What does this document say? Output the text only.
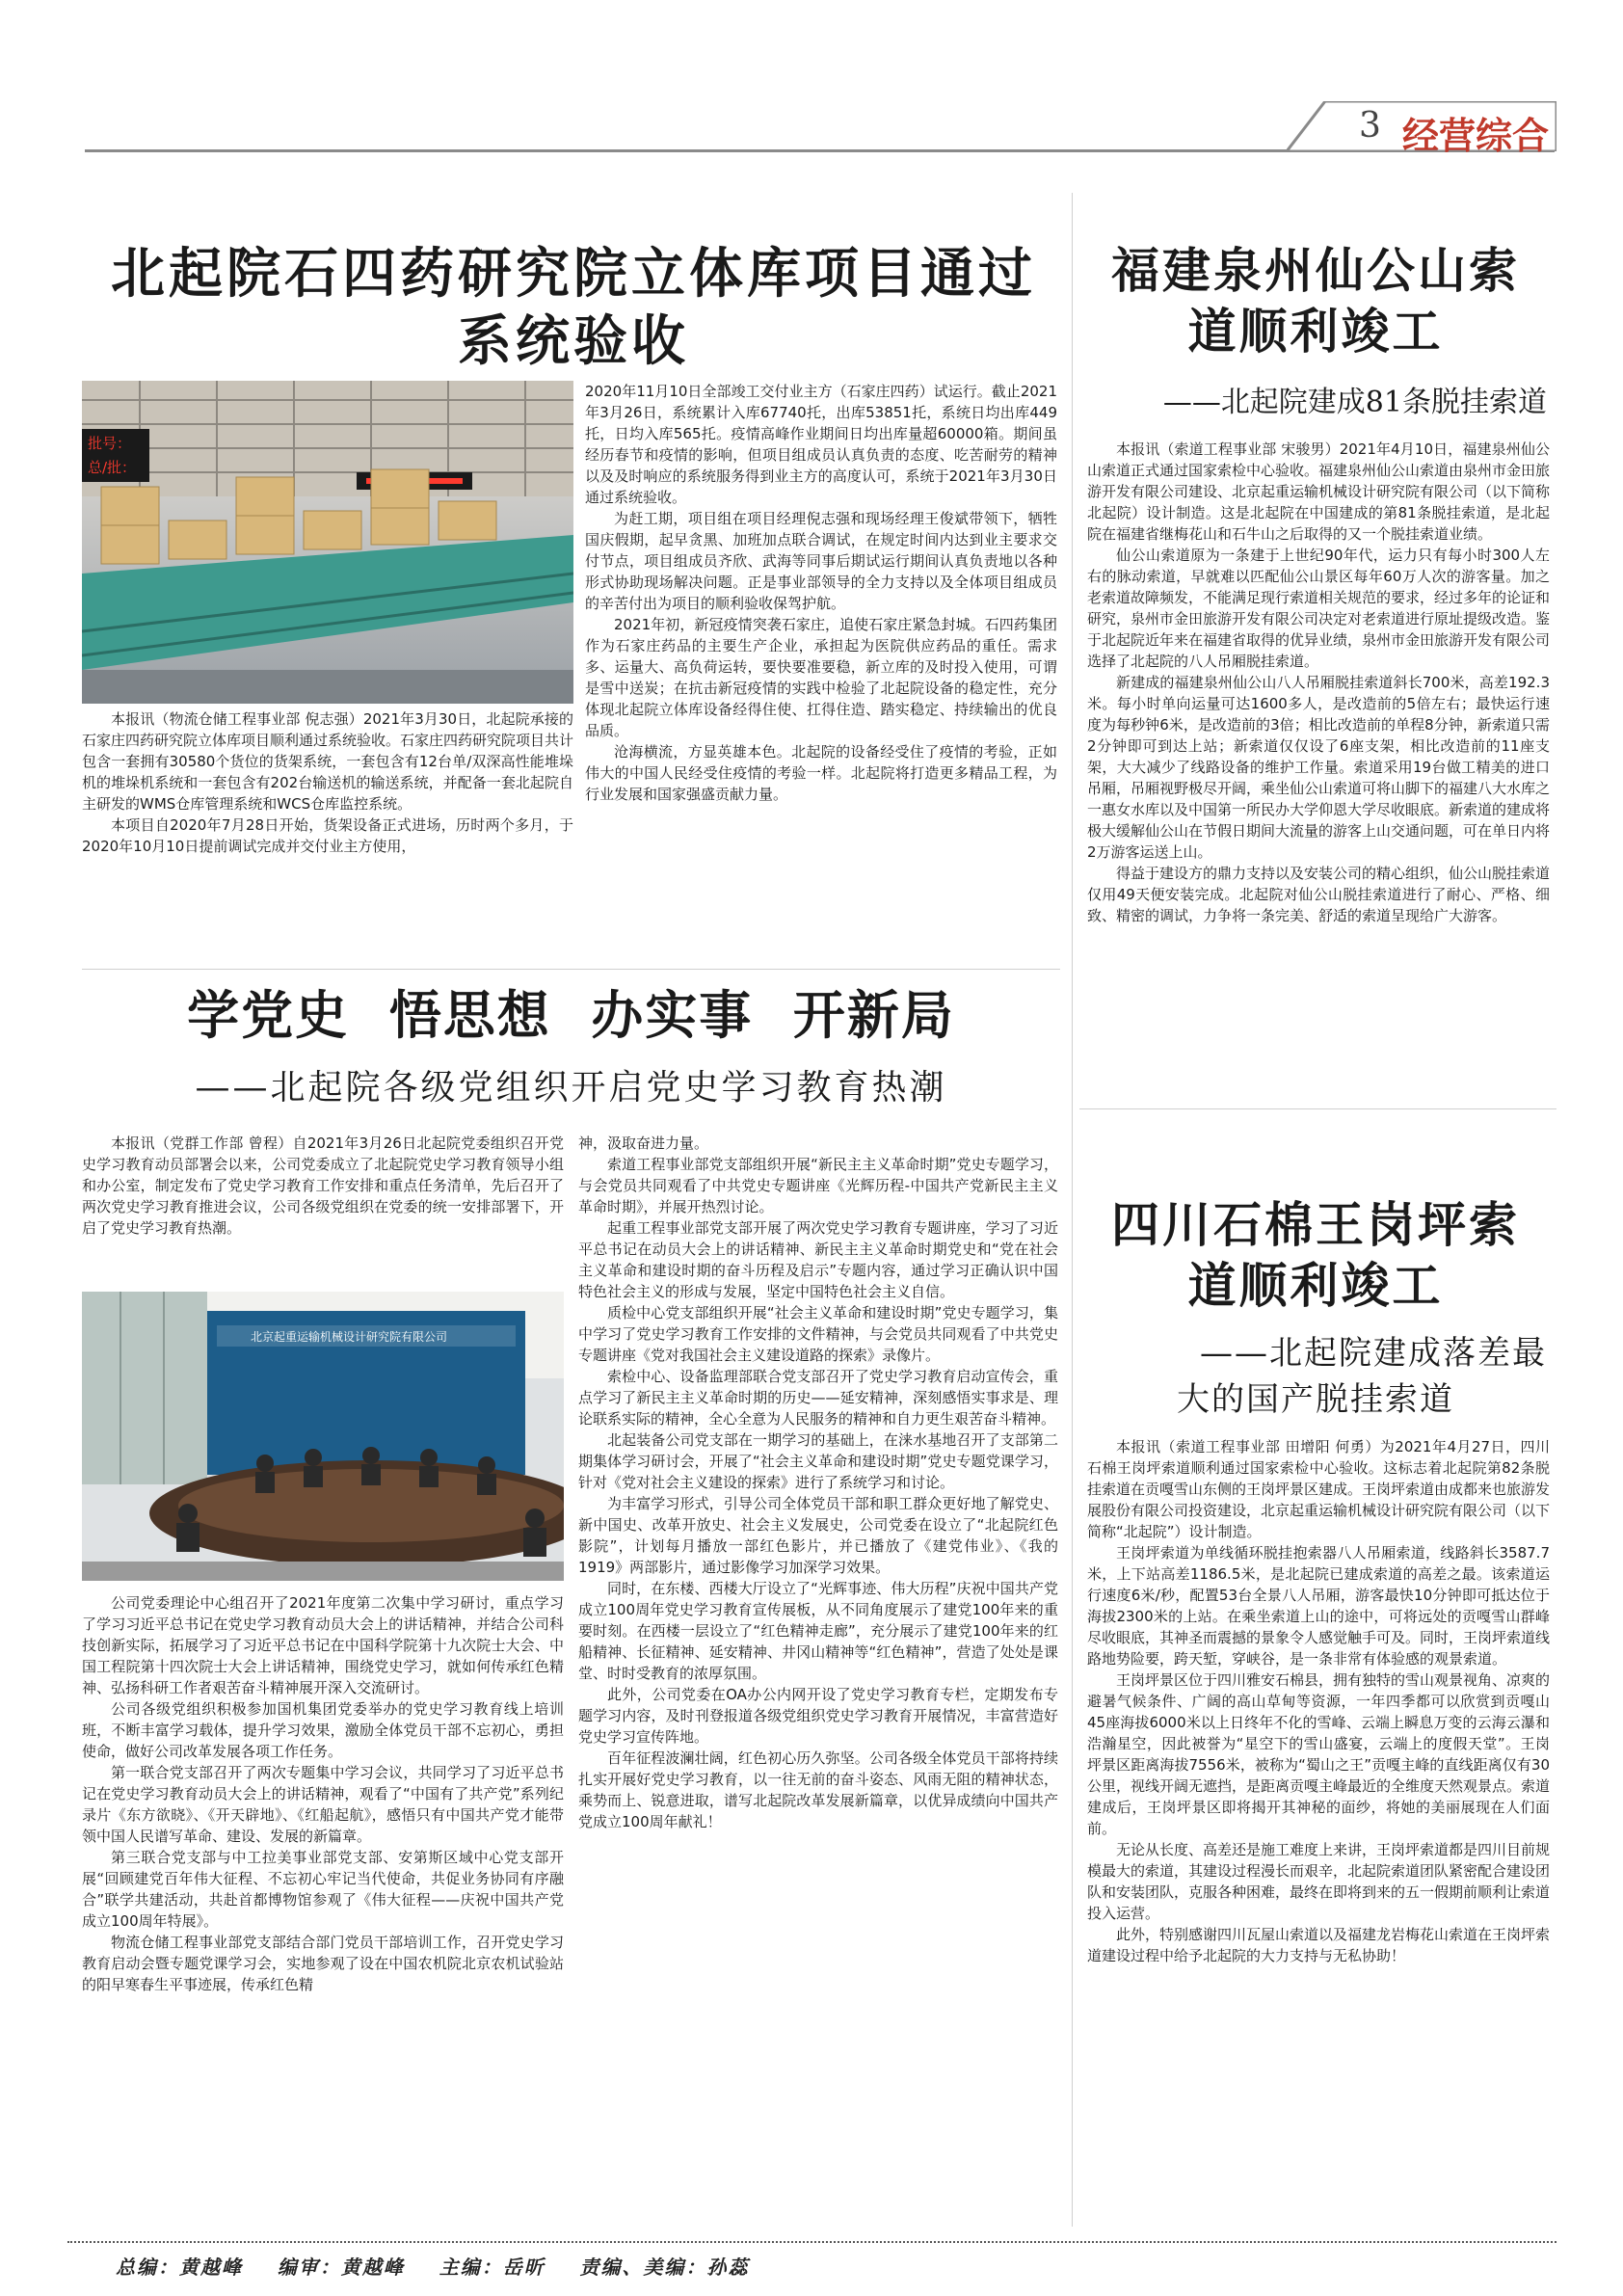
3 经营综合
北起院石四药研究院立体库项目通过
系统验收
批号：
总/批：

本报讯（物流仓储工程事业部 倪志强）2021年3月30日，北起院承接的石家庄四药研究院立体库项目顺利通过系统验收。石家庄四药研究院项目共计包含一套拥有30580个货位的货架系统，一套包含有12台单/双深高性能堆垛机的堆垛机系统和一套包含有202台输送机的输送系统，并配备一套北起院自主研发的WMS仓库管理系统和WCS仓库监控系统。

本项目自2020年7月28日开始，货架设备正式进场，历时两个多月，于2020年10月10日提前调试完成并交付业主方使用，

2020年11月10日全部竣工交付业主方（石家庄四药）试运行。截止2021年3月26日，系统累计入库67740托，出库53851托，系统日均出库449托，日均入库565托。疫情高峰作业期间日均出库量超60000箱。期间虽经历春节和疫情的影响，但项目组成员认真负责的态度、吃苦耐劳的精神以及及时响应的系统服务得到业主方的高度认可，系统于2021年3月30日通过系统验收。

为赶工期，项目组在项目经理倪志强和现场经理王俊斌带领下，牺牲国庆假期，起早贪黑、加班加点联合调试，在规定时间内达到业主要求交付节点，项目组成员齐欣、武海等同事后期试运行期间认真负责地以各种形式协助现场解决问题。正是事业部领导的全力支持以及全体项目组成员的辛苦付出为项目的顺利验收保驾护航。

2021年初，新冠疫情突袭石家庄，追使石家庄紧急封城。石四药集团作为石家庄药品的主要生产企业，承担起为医院供应药品的重任。需求多、运量大、高负荷运转，要快要准要稳，新立库的及时投入使用，可谓是雪中送炭；在抗击新冠疫情的实践中检验了北起院设备的稳定性，充分体现北起院立体库设备经得住使、扛得住造、踏实稳定、持续输出的优良品质。

沧海横流，方显英雄本色。北起院的设备经受住了疫情的考验，正如伟大的中国人民经受住疫情的考验一样。北起院将打造更多精品工程，为行业发展和国家强盛贡献力量。

福建泉州仙公山索
道顺利竣工
——北起院建成81条脱挂索道

本报讯（索道工程事业部 宋骏男）2021年4月10日，福建泉州仙公山索道正式通过国家索检中心验收。福建泉州仙公山索道由泉州市金田旅游开发有限公司建设、北京起重运输机械设计研究院有限公司（以下简称北起院）设计制造。这是北起院在中国建成的第81条脱挂索道，是北起院在福建省继梅花山和石牛山之后取得的又一个脱挂索道业绩。

仙公山索道原为一条建于上世纪90年代，运力只有每小时300人左右的脉动索道，早就难以匹配仙公山景区每年60万人次的游客量。加之老索道故障频发，不能满足现行索道相关规范的要求，经过多年的论证和研究，泉州市金田旅游开发有限公司决定对老索道进行原址提级改造。鉴于北起院近年来在福建省取得的优异业绩，泉州市金田旅游开发有限公司选择了北起院的八人吊厢脱挂索道。

新建成的福建泉州仙公山八人吊厢脱挂索道斜长700米，高差192.3米。每小时单向运量可达1600多人，是改造前的5倍左右；最快运行速度为每秒钟6米，是改造前的3倍；相比改造前的单程8分钟，新索道只需2分钟即可到达上站；新索道仅仅设了6座支架，相比改造前的11座支架，大大减少了线路设备的维护工作量。索道采用19台做工精美的进口吊厢，吊厢视野极尽开阔，乘坐仙公山索道可将山脚下的福建八大水库之一惠女水库以及中国第一所民办大学仰恩大学尽收眼底。新索道的建成将极大缓解仙公山在节假日期间大流量的游客上山交通问题，可在单日内将2万游客运送上山。

得益于建设方的鼎力支持以及安装公司的精心组织，仙公山脱挂索道仅用49天便安装完成。北起院对仙公山脱挂索道进行了耐心、严格、细致、精密的调试，力争将一条完美、舒适的索道呈现给广大游客。

学党史  悟思想  办实事  开新局
——北起院各级党组织开启党史学习教育热潮

本报讯（党群工作部 曾程）自2021年3月26日北起院党委组织召开党史学习教育动员部署会以来，公司党委成立了北起院党史学习教育领导小组和办公室，制定发布了党史学习教育工作安排和重点任务清单，先后召开了两次党史学习教育推进会议，公司各级党组织在党委的统一安排部署下，开启了党史学习教育热潮。

北京起重运输机械设计研究院有限公司

公司党委理论中心组召开了2021年度第二次集中学习研讨，重点学习了学习习近平总书记在党史学习教育动员大会上的讲话精神，并结合公司科技创新实际，拓展学习了习近平总书记在中国科学院第十九次院士大会、中国工程院第十四次院士大会上讲话精神，围绕党史学习，就如何传承红色精神、弘扬科研工作者艰苦奋斗精神展开深入交流研讨。

公司各级党组织积极参加国机集团党委举办的党史学习教育线上培训班，不断丰富学习载体，提升学习效果，激励全体党员干部不忘初心，勇担使命，做好公司改革发展各项工作任务。

第一联合党支部召开了两次专题集中学习会议，共同学习了习近平总书记在党史学习教育动员大会上的讲话精神，观看了“中国有了共产党”系列纪录片《东方欲晓》、《开天辟地》、《红船起航》，感悟只有中国共产党才能带领中国人民谱写革命、建设、发展的新篇章。

第三联合党支部与中工拉美事业部党支部、安第斯区域中心党支部开展“回顾建党百年伟大征程、不忘初心牢记当代使命，共促业务协同有序融合”联学共建活动，共赴首都博物馆参观了《伟大征程——庆祝中国共产党成立100周年特展》。

物流仓储工程事业部党支部结合部门党员干部培训工作，召开党史学习教育启动会暨专题党课学习会，实地参观了设在中国农机院北京农机试验站的阳早寒春生平事迹展，传承红色精

神，汲取奋进力量。

索道工程事业部党支部组织开展“新民主主义革命时期”党史专题学习，与会党员共同观看了中共党史专题讲座《光辉历程-中国共产党新民主主义革命时期》，并展开热烈讨论。

起重工程事业部党支部开展了两次党史学习教育专题讲座，学习了习近平总书记在动员大会上的讲话精神、新民主主义革命时期党史和“党在社会主义革命和建设时期的奋斗历程及启示”专题内容，通过学习正确认识中国特色社会主义的形成与发展，坚定中国特色社会主义自信。

质检中心党支部组织开展“社会主义革命和建设时期”党史专题学习，集中学习了党史学习教育工作安排的文件精神，与会党员共同观看了中共党史专题讲座《党对我国社会主义建设道路的探索》录像片。

索检中心、设备监理部联合党支部召开了党史学习教育启动宣传会，重点学习了新民主主义革命时期的历史——延安精神，深刻感悟实事求是、理论联系实际的精神，全心全意为人民服务的精神和自力更生艰苦奋斗精神。

北起装备公司党支部在一期学习的基础上，在涞水基地召开了支部第二期集体学习研讨会，开展了“社会主义革命和建设时期”党史专题党课学习，针对《党对社会主义建设的探索》进行了系统学习和讨论。

为丰富学习形式，引导公司全体党员干部和职工群众更好地了解党史、新中国史、改革开放史、社会主义发展史，公司党委在设立了“北起院红色影院”，计划每月播放一部红色影片，并已播放了《建党伟业》、《我的1919》两部影片，通过影像学习加深学习效果。

同时，在东楼、西楼大厅设立了“光辉事迹、伟大历程”庆祝中国共产党成立100周年党史学习教育宣传展板，从不同角度展示了建党100年来的重要时刻。在西楼一层设立了“红色精神走廊”，充分展示了建党100年来的红船精神、长征精神、延安精神、井冈山精神等“红色精神”，营造了处处是课堂、时时受教育的浓厚氛围。

此外，公司党委在OA办公内网开设了党史学习教育专栏，定期发布专题学习内容，及时刊登报道各级党组织党史学习教育开展情况，丰富营造好党史学习宣传阵地。

百年征程波澜壮阔，红色初心历久弥坚。公司各级全体党员干部将持续扎实开展好党史学习教育，以一往无前的奋斗姿态、风雨无阻的精神状态，乘势而上、锐意进取，谱写北起院改革发展新篇章，以优异成绩向中国共产党成立100周年献礼！

四川石棉王岗坪索
道顺利竣工
——北起院建成落差最
大的国产脱挂索道

本报讯（索道工程事业部 田增阳 何勇）为2021年4月27日，四川石棉王岗坪索道顺利通过国家索检中心验收。这标志着北起院第82条脱挂索道在贡嘎雪山东侧的王岗坪景区建成。王岗坪索道由成都来也旅游发展股份有限公司投资建设，北京起重运输机械设计研究院有限公司（以下简称“北起院”）设计制造。

王岗坪索道为单线循环脱挂抱索器八人吊厢索道，线路斜长3587.7米，上下站高差1186.5米，是北起院已建成索道的高差之最。该索道运行速度6米/秒，配置53台全景八人吊厢，游客最快10分钟即可抵达位于海拔2300米的上站。在乘坐索道上山的途中，可将远处的贡嘎雪山群峰尽收眼底，其神圣而震撼的景象令人感觉触手可及。同时，王岗坪索道线路地势险要，跨天堑，穿峡谷，是一条非常有体验感的观景索道。

王岗坪景区位于四川雅安石棉县，拥有独特的雪山观景视角、凉爽的避暑气候条件、广阔的高山草甸等资源，一年四季都可以欣赏到贡嘎山45座海拔6000米以上日终年不化的雪峰、云端上瞬息万变的云海云瀑和浩瀚星空，因此被誉为“星空下的雪山盛宴，云端上的度假天堂”。王岗坪景区距离海拔7556米，被称为“蜀山之王”贡嘎主峰的直线距离仅有30公里，视线开阔无遮挡，是距离贡嘎主峰最近的全维度天然观景点。索道建成后，王岗坪景区即将揭开其神秘的面纱，将她的美丽展现在人们面前。

无论从长度、高差还是施工难度上来讲，王岗坪索道都是四川目前规模最大的索道，其建设过程漫长而艰辛，北起院索道团队紧密配合建设团队和安装团队，克服各种困难，最终在即将到来的五一假期前顺利让索道投入运营。

此外，特别感谢四川瓦屋山索道以及福建龙岩梅花山索道在王岗坪索道建设过程中给予北起院的大力支持与无私协助！

总编：黄越峰    编审：黄越峰    主编：岳昕    责编、美编：孙蕊
